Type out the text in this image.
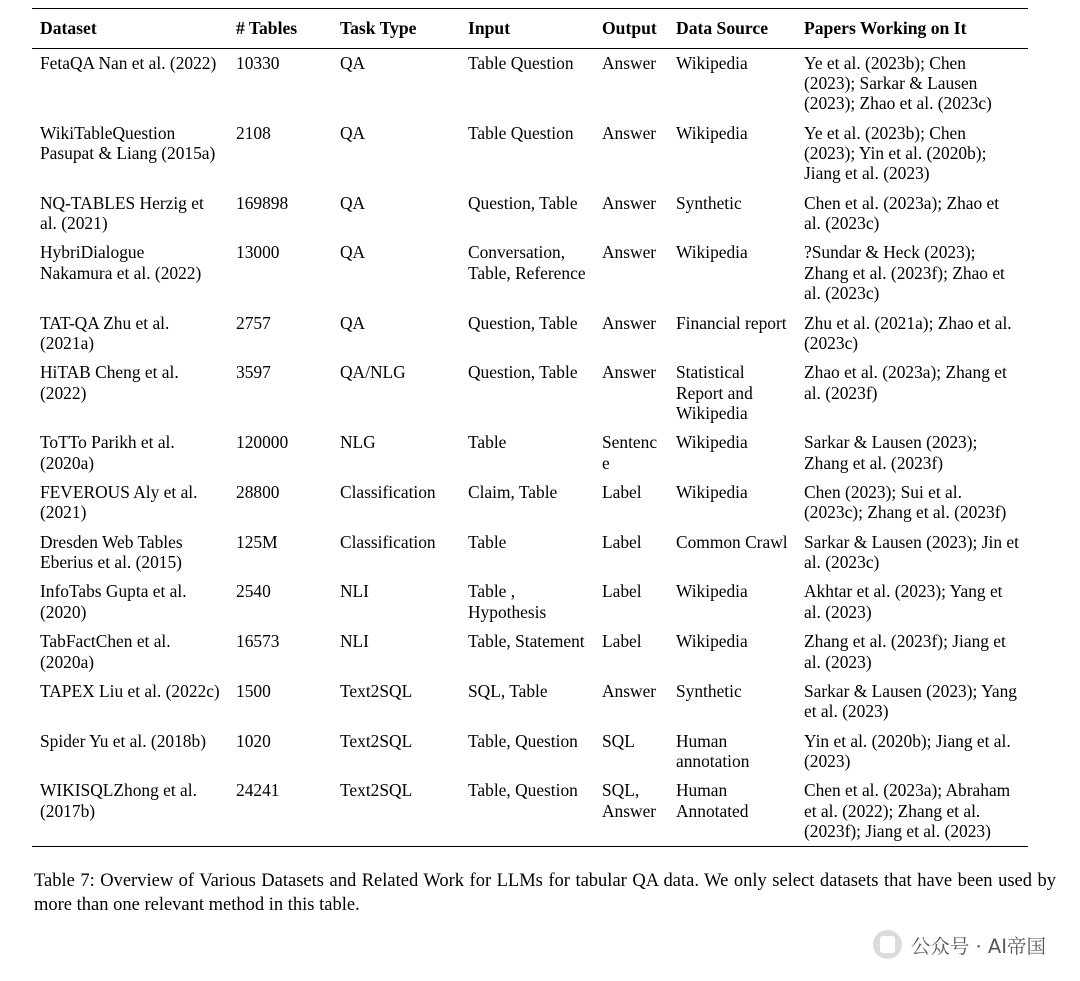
Dataset	# Tables	Task Type	Input	Output	Data Source	Papers Working on It
FetaQA Nan et al. (2022)	10330	QA	Table Question	Answer	Wikipedia	Ye et al. (2023b); Chen (2023); Sarkar & Lausen (2023); Zhao et al. (2023c)
WikiTableQuestion Pasupat & Liang (2015a)	2108	QA	Table Question	Answer	Wikipedia	Ye et al. (2023b); Chen (2023); Yin et al. (2020b); Jiang et al. (2023)
NQ-TABLES Herzig et al. (2021)	169898	QA	Question, Table	Answer	Synthetic	Chen et al. (2023a); Zhao et al. (2023c)
HybriDialogue Nakamura et al. (2022)	13000	QA	Conversation, Table, Reference	Answer	Wikipedia	?Sundar & Heck (2023); Zhang et al. (2023f); Zhao et al. (2023c)
TAT-QA Zhu et al. (2021a)	2757	QA	Question, Table	Answer	Financial report	Zhu et al. (2021a); Zhao et al. (2023c)
HiTAB Cheng et al. (2022)	3597	QA/NLG	Question, Table	Answer	Statistical Report and Wikipedia	Zhao et al. (2023a); Zhang et al. (2023f)
ToTTo Parikh et al. (2020a)	120000	NLG	Table	Sentence	Wikipedia	Sarkar & Lausen (2023); Zhang et al. (2023f)
FEVEROUS Aly et al. (2021)	28800	Classification	Claim, Table	Label	Wikipedia	Chen (2023); Sui et al. (2023c); Zhang et al. (2023f)
Dresden Web Tables Eberius et al. (2015)	125M	Classification	Table	Label	Common Crawl	Sarkar & Lausen (2023); Jin et al. (2023c)
InfoTabs Gupta et al. (2020)	2540	NLI	Table , Hypothesis	Label	Wikipedia	Akhtar et al. (2023); Yang et al. (2023)
TabFactChen et al. (2020a)	16573	NLI	Table, Statement	Label	Wikipedia	Zhang et al. (2023f); Jiang et al. (2023)
TAPEX Liu et al. (2022c)	1500	Text2SQL	SQL, Table	Answer	Synthetic	Sarkar & Lausen (2023); Yang et al. (2023)
Spider Yu et al. (2018b)	1020	Text2SQL	Table, Question	SQL	Human annotation	Yin et al. (2020b); Jiang et al. (2023)
WIKISQLZhong et al. (2017b)	24241	Text2SQL	Table, Question	SQL, Answer	Human Annotated	Chen et al. (2023a); Abraham et al. (2022); Zhang et al. (2023f); Jiang et al. (2023)
Table 7: Overview of Various Datasets and Related Work for LLMs for tabular QA data. We only select datasets that have been used by more than one relevant method in this table.
公众号 · AI帝国
